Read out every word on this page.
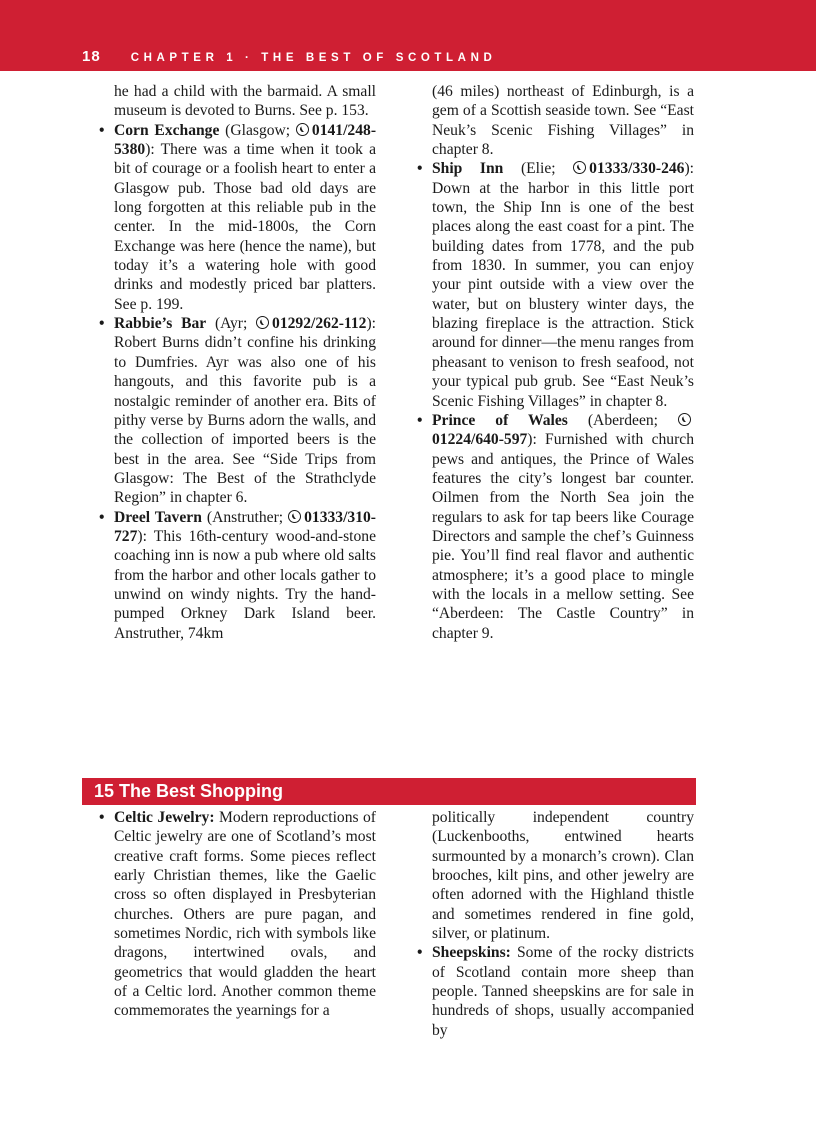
18	CHAPTER 1 · THE BEST OF SCOTLAND

he had a child with the barmaid. A small museum is devoted to Burns. See p. 153.

• Corn Exchange (Glasgow; 0141/248-5380): There was a time when it took a bit of courage or a foolish heart to enter a Glasgow pub. Those bad old days are long forgotten at this reliable pub in the center. In the mid-1800s, the Corn Exchange was here (hence the name), but today it’s a watering hole with good drinks and modestly priced bar platters. See p. 199.
• Rabbie’s Bar (Ayr; 01292/262-112): Robert Burns didn’t confine his drinking to Dumfries. Ayr was also one of his hangouts, and this favorite pub is a nostalgic reminder of another era. Bits of pithy verse by Burns adorn the walls, and the collection of imported beers is the best in the area. See “Side Trips from Glasgow: The Best of the Strathclyde Region” in chapter 6.
• Dreel Tavern (Anstruther; 01333/310-727): This 16th-century wood-and-stone coaching inn is now a pub where old salts from the harbor and other locals gather to unwind on windy nights. Try the hand-pumped Orkney Dark Island beer. Anstruther, 74km

(46 miles) northeast of Edinburgh, is a gem of a Scottish seaside town. See “East Neuk’s Scenic Fishing Villages” in chapter 8.

• Ship Inn (Elie; 01333/330-246): Down at the harbor in this little port town, the Ship Inn is one of the best places along the east coast for a pint. The building dates from 1778, and the pub from 1830. In summer, you can enjoy your pint outside with a view over the water, but on blustery winter days, the blazing fireplace is the attraction. Stick around for dinner—the menu ranges from pheasant to venison to fresh seafood, not your typical pub grub. See “East Neuk’s Scenic Fishing Villages” in chapter 8.
• Prince of Wales (Aberdeen; 01224/640-597): Furnished with church pews and antiques, the Prince of Wales features the city’s longest bar counter. Oilmen from the North Sea join the regulars to ask for tap beers like Courage Directors and sample the chef’s Guinness pie. You’ll find real flavor and authentic atmosphere; it’s a good place to mingle with the locals in a mellow setting. See “Aberdeen: The Castle Country” in chapter 9.
15 The Best Shopping
• Celtic Jewelry: Modern reproductions of Celtic jewelry are one of Scotland’s most creative craft forms. Some pieces reflect early Christian themes, like the Gaelic cross so often displayed in Presbyterian churches. Others are pure pagan, and sometimes Nordic, rich with symbols like dragons, intertwined ovals, and geometrics that would gladden the heart of a Celtic lord. Another common theme commemorates the yearnings for a

politically independent country (Luckenbooths, entwined hearts surmounted by a monarch’s crown). Clan brooches, kilt pins, and other jewelry are often adorned with the Highland thistle and sometimes rendered in fine gold, silver, or platinum.

• Sheepskins: Some of the rocky districts of Scotland contain more sheep than people. Tanned sheepskins are for sale in hundreds of shops, usually accompanied by
